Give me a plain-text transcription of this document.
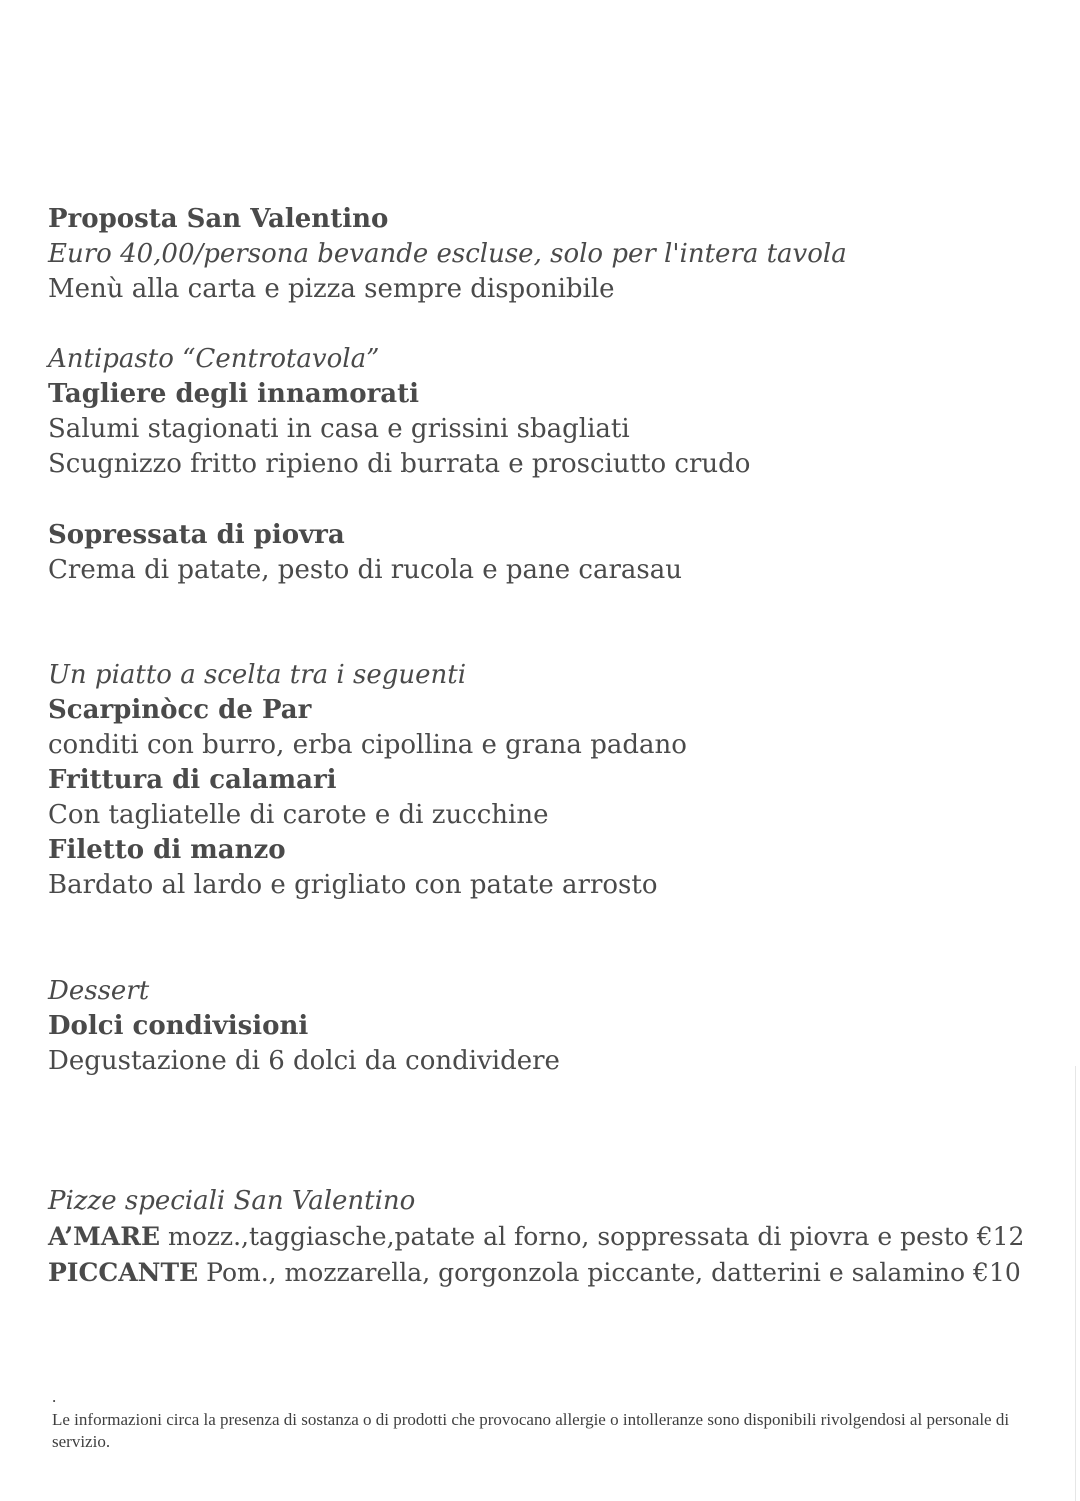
Proposta San Valentino
Euro 40,00/persona bevande escluse, solo per l'intera tavola
Menù alla carta e pizza sempre disponibile
Antipasto “Centrotavola”
Tagliere degli innamorati
Salumi stagionati in casa e grissini sbagliati
Scugnizzo fritto ripieno di burrata e prosciutto crudo
Sopressata di piovra
Crema di patate, pesto di rucola e pane carasau
Un piatto a scelta tra i seguenti
Scarpinòcc de Par
conditi con burro, erba cipollina e grana padano
Frittura di calamari
Con tagliatelle di carote e di zucchine
Filetto di manzo
Bardato al lardo e grigliato con patate arrosto
Dessert
Dolci condivisioni
Degustazione di 6 dolci da condividere
Pizze speciali San Valentino
A’MARE mozz.,taggiasche,patate al forno, soppressata di piovra e pesto €12
PICCANTE Pom., mozzarella, gorgonzola piccante, datterini e salamino €10
.
Le informazioni circa la presenza di sostanza o di prodotti che provocano allergie o intolleranze sono disponibili rivolgendosi al personale di servizio.
